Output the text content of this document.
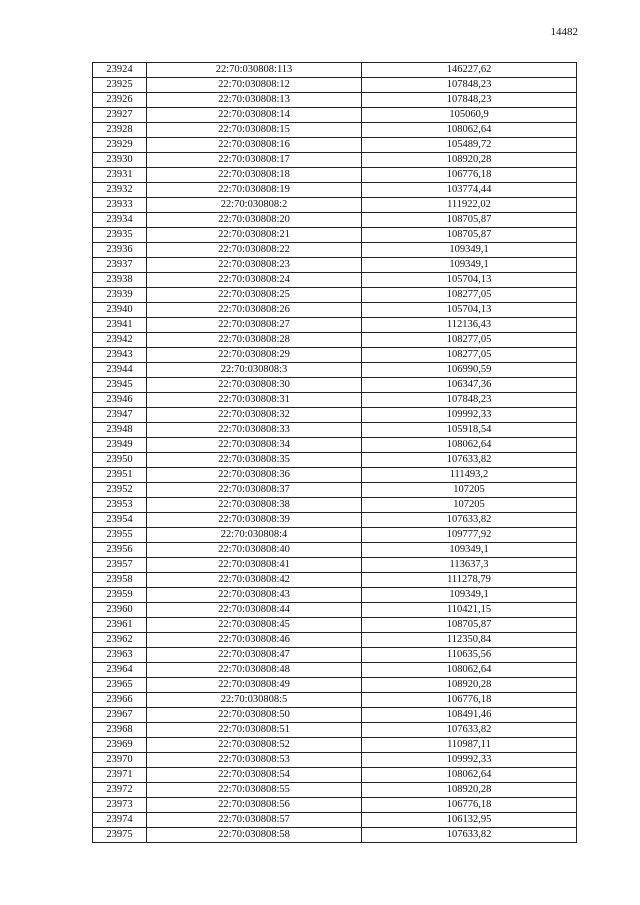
14482
23924	22:70:030808:113	146227,62
23925	22:70:030808:12	107848,23
23926	22:70:030808:13	107848,23
23927	22:70:030808:14	105060,9
23928	22:70:030808:15	108062,64
23929	22:70:030808:16	105489,72
23930	22:70:030808:17	108920,28
23931	22:70:030808:18	106776,18
23932	22:70:030808:19	103774,44
23933	22:70:030808:2	111922,02
23934	22:70:030808:20	108705,87
23935	22:70:030808:21	108705,87
23936	22:70:030808:22	109349,1
23937	22:70:030808:23	109349,1
23938	22:70:030808:24	105704,13
23939	22:70:030808:25	108277,05
23940	22:70:030808:26	105704,13
23941	22:70:030808:27	112136,43
23942	22:70:030808:28	108277,05
23943	22:70:030808:29	108277,05
23944	22:70:030808:3	106990,59
23945	22:70:030808:30	106347,36
23946	22:70:030808:31	107848,23
23947	22:70:030808:32	109992,33
23948	22:70:030808:33	105918,54
23949	22:70:030808:34	108062,64
23950	22:70:030808:35	107633,82
23951	22:70:030808:36	111493,2
23952	22:70:030808:37	107205
23953	22:70:030808:38	107205
23954	22:70:030808:39	107633,82
23955	22:70:030808:4	109777,92
23956	22:70:030808:40	109349,1
23957	22:70:030808:41	113637,3
23958	22:70:030808:42	111278,79
23959	22:70:030808:43	109349,1
23960	22:70:030808:44	110421,15
23961	22:70:030808:45	108705,87
23962	22:70:030808:46	112350,84
23963	22:70:030808:47	110635,56
23964	22:70:030808:48	108062,64
23965	22:70:030808:49	108920,28
23966	22:70:030808:5	106776,18
23967	22:70:030808:50	108491,46
23968	22:70:030808:51	107633,82
23969	22:70:030808:52	110987,11
23970	22:70:030808:53	109992,33
23971	22:70:030808:54	108062,64
23972	22:70:030808:55	108920,28
23973	22:70:030808:56	106776,18
23974	22:70:030808:57	106132,95
23975	22:70:030808:58	107633,82
